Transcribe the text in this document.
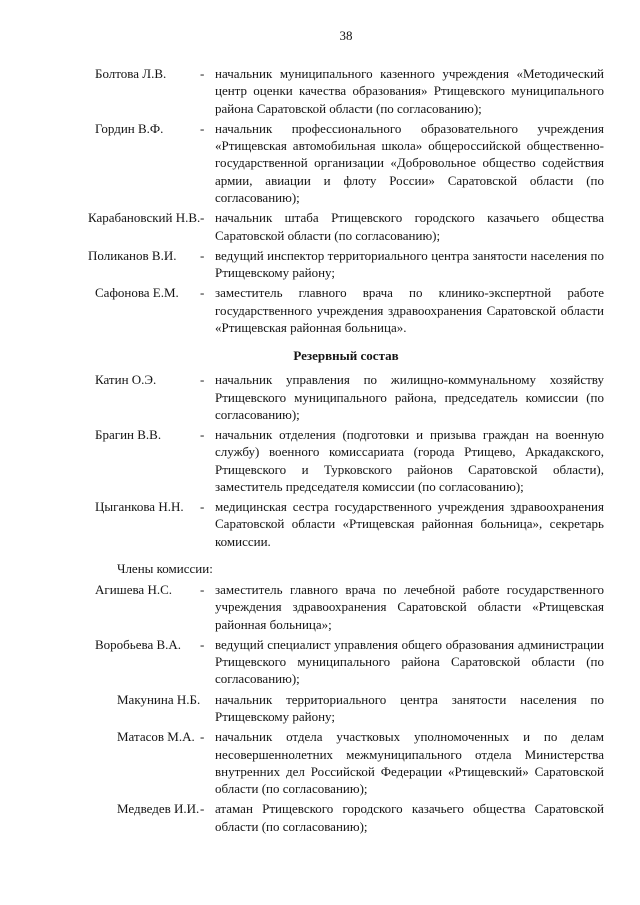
38
Болтова Л.В.	- начальник муниципального казенного учреждения «Методический центр оценки качества образования» Ртищевского муниципального района Саратовской области (по согласованию);
Гордин В.Ф.	- начальник профессионального образовательного учреждения «Ртищевская автомобильная школа» общероссийской общественно-государственной организации «Добровольное общество содействия армии, авиации и флоту России» Саратовской области (по согласованию);
Карабановский Н.В. - начальник штаба Ртищевского городского казачьего общества Саратовской области (по согласованию);
Поликанов В.И.	- ведущий инспектор территориального центра занятости населения по Ртищевскому району;
Сафонова Е.М.	- заместитель главного врача по клинико-экспертной работе государственного учреждения здравоохранения Саратовской области «Ртищевская районная больница».
Резервный состав
Катин О.Э.	- начальник управления по жилищно-коммунальному хозяйству Ртищевского муниципального района, председатель комиссии (по согласованию);
Брагин В.В.	- начальник отделения (подготовки и призыва граждан на военную службу) военного комиссариата (города Ртищево, Аркадакского, Ртищевского и Турковского районов Саратовской области), заместитель председателя комиссии (по согласованию);
Цыганкова Н.Н.	- медицинская сестра государственного учреждения здравоохранения Саратовской области «Ртищевская районная больница», секретарь комиссии.
Члены комиссии:
Агишева Н.С.	- заместитель главного врача по лечебной работе государственного учреждения здравоохранения Саратовской области «Ртищевская районная больница»;
Воробьева В.А.	- ведущий специалист управления общего образования администрации Ртищевского муниципального района Саратовской области (по согласованию);
Макунина Н.Б. начальник территориального центра занятости населения по Ртищевскому району;
Матасов М.А. - начальник отдела участковых уполномоченных и по делам несовершеннолетних межмуниципального отдела Министерства внутренних дел Российской Федерации «Ртищевский» Саратовской области (по согласованию);
Медведев И.И. - атаман Ртищевского городского казачьего общества Саратовской области (по согласованию);
